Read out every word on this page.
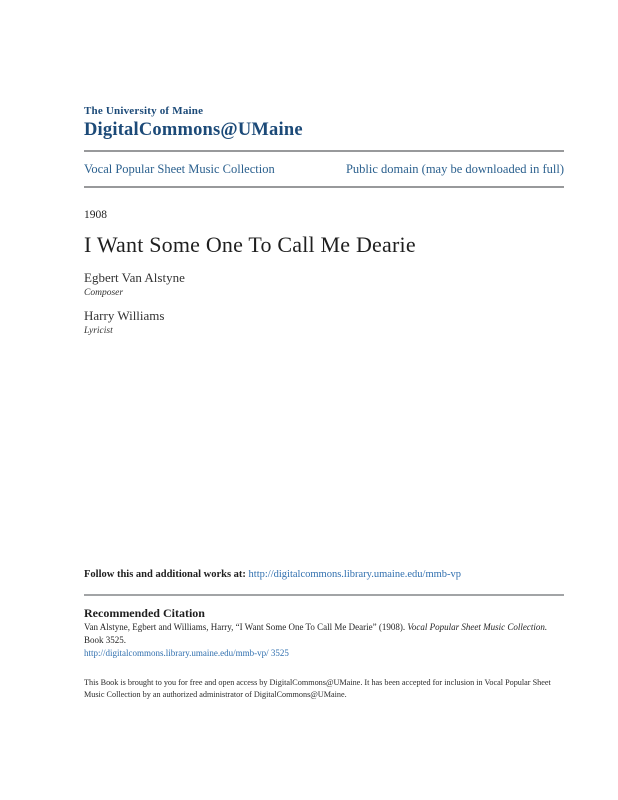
The University of Maine
DigitalCommons@UMaine
Vocal Popular Sheet Music Collection	Public domain (may be downloaded in full)
1908
I Want Some One To Call Me Dearie
Egbert Van Alstyne
Composer
Harry Williams
Lyricist
Follow this and additional works at: http://digitalcommons.library.umaine.edu/mmb-vp
Recommended Citation

Van Alstyne, Egbert and Williams, Harry, “I Want Some One To Call Me Dearie” (1908). Vocal Popular Sheet Music Collection. Book 3525.

http://digitalcommons.library.umaine.edu/mmb-vp/ 3525
This Book is brought to you for free and open access by DigitalCommons@UMaine. It has been accepted for inclusion in Vocal Popular Sheet Music Collection by an authorized administrator of DigitalCommons@UMaine.
